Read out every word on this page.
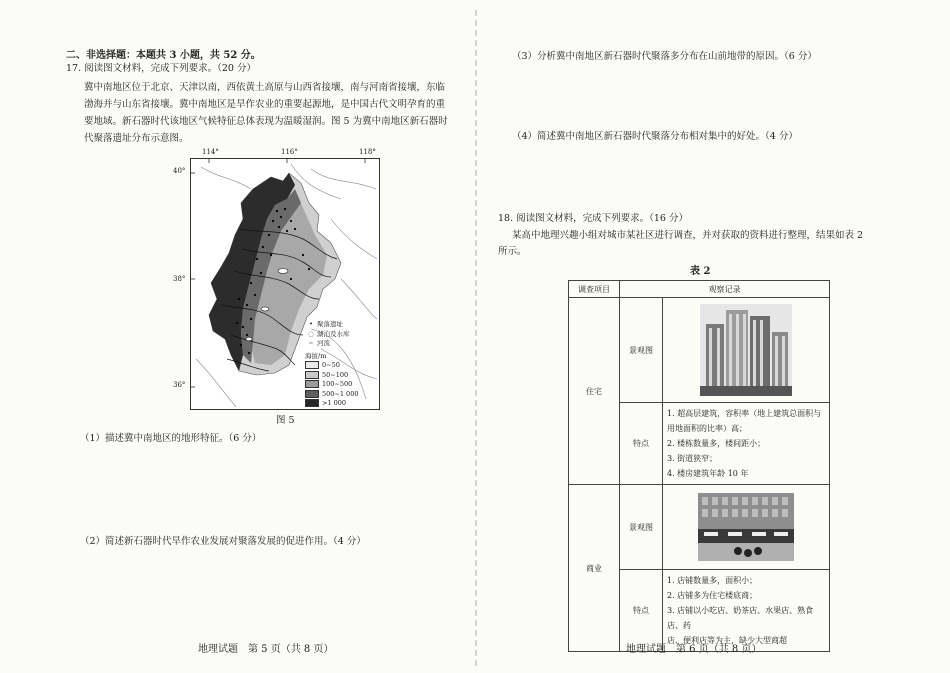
二、非选择题：本题共 3 小题，共 52 分。
17. 阅读图文材料，完成下列要求。（20 分）
冀中南地区位于北京、天津以南，西依黄土高原与山西省接壤，南与河南省接壤，东临
渤海并与山东省接壤。冀中南地区是旱作农业的重要起源地，是中国古代文明孕育的重
要地域。新石器时代该地区气候特征总体表现为温暖湿润。图 5 为冀中南地区新石器时
代聚落遗址分布示意图。
114°	116°	118°
40°
38°
36°
• 聚落遗址
◌ 湖泊及水库
∽ 河流
海拔/m
0~50
50~100
100~500
500~1 000
>1 000
图 5
（1）描述冀中南地区的地形特征。（6 分）
（2）简述新石器时代旱作农业发展对聚落发展的促进作用。（4 分）
地理试题　第 5 页（共 8 页）
（3）分析冀中南地区新石器时代聚落多分布在山前地带的原因。（6 分）
（4）简述冀中南地区新石器时代聚落分布相对集中的好处。（4 分）
18. 阅读图文材料，完成下列要求。（16 分）
某高中地理兴趣小组对城市某社区进行调查，并对获取的资料进行整理，结果如表 2
所示。
表 2
调查项目	观察记录	
住宅	景观图	

	特点	1. 超高层建筑，容积率（地上建筑总面积与
用地面积的比率）高；
2. 楼栋数量多，楼间距小；
3. 街道狭窄；
4. 楼房建筑年龄 10 年

商业	景观图	

	特点	1. 店铺数量多，面积小；
2. 店铺多为住宅楼底商；
3. 店铺以小吃店、奶茶店、水果店、熟食店、药
店、便利店等为主，缺少大型商超
地理试题　第 6 页（共 8 页）
